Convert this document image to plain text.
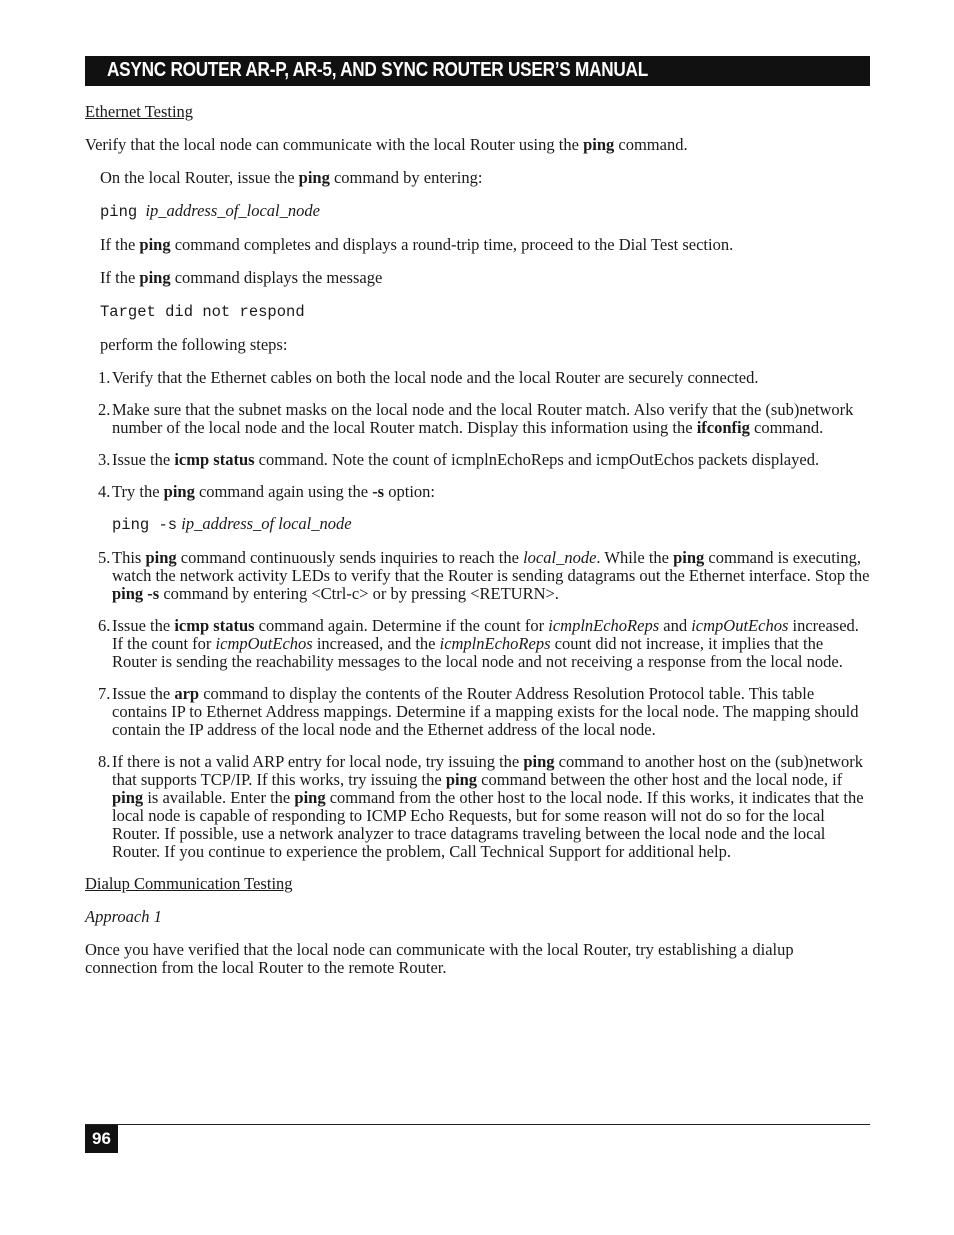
ASYNC ROUTER AR-P, AR-5, AND SYNC ROUTER USER’S MANUAL
Ethernet Testing
Verify that the local node can communicate with the local Router using the ping command.
On the local Router, issue the ping command by entering:
ping ip_address_of_local_node
If the ping command completes and displays a round-trip time, proceed to the Dial Test section.
If the ping command displays the message
Target did not respond
perform the following steps:
1. Verify that the Ethernet cables on both the local node and the local Router are securely connected.
2. Make sure that the subnet masks on the local node and the local Router match. Also verify that the (sub)network number of the local node and the local Router match. Display this information using the ifconfig command.
3. Issue the icmp status command. Note the count of icmplnEchoReps and icmpOutEchos packets displayed.
4. Try the ping command again using the -s option:
ping -s ip_address_of local_node
5. This ping command continuously sends inquiries to reach the local_node. While the ping command is executing, watch the network activity LEDs to verify that the Router is sending datagrams out the Ethernet interface. Stop the ping -s command by entering <Ctrl-c> or by pressing <RETURN>.
6. Issue the icmp status command again. Determine if the count for icmplnEchoReps and icmpOutEchos increased. If the count for icmpOutEchos increased, and the icmplnEchoReps count did not increase, it implies that the Router is sending the reachability messages to the local node and not receiving a response from the local node.
7. Issue the arp command to display the contents of the Router Address Resolution Protocol table. This table contains IP to Ethernet Address mappings. Determine if a mapping exists for the local node. The mapping should contain the IP address of the local node and the Ethernet address of the local node.
8. If there is not a valid ARP entry for local node, try issuing the ping command to another host on the (sub)network that supports TCP/IP. If this works, try issuing the ping command between the other host and the local node, if ping is available. Enter the ping command from the other host to the local node. If this works, it indicates that the local node is capable of responding to ICMP Echo Requests, but for some reason will not do so for the local Router. If possible, use a network analyzer to trace datagrams traveling between the local node and the local Router. If you continue to experience the problem, Call Technical Support for additional help.
Dialup Communication Testing
Approach 1
Once you have verified that the local node can communicate with the local Router, try establishing a dialup connection from the local Router to the remote Router.
96
